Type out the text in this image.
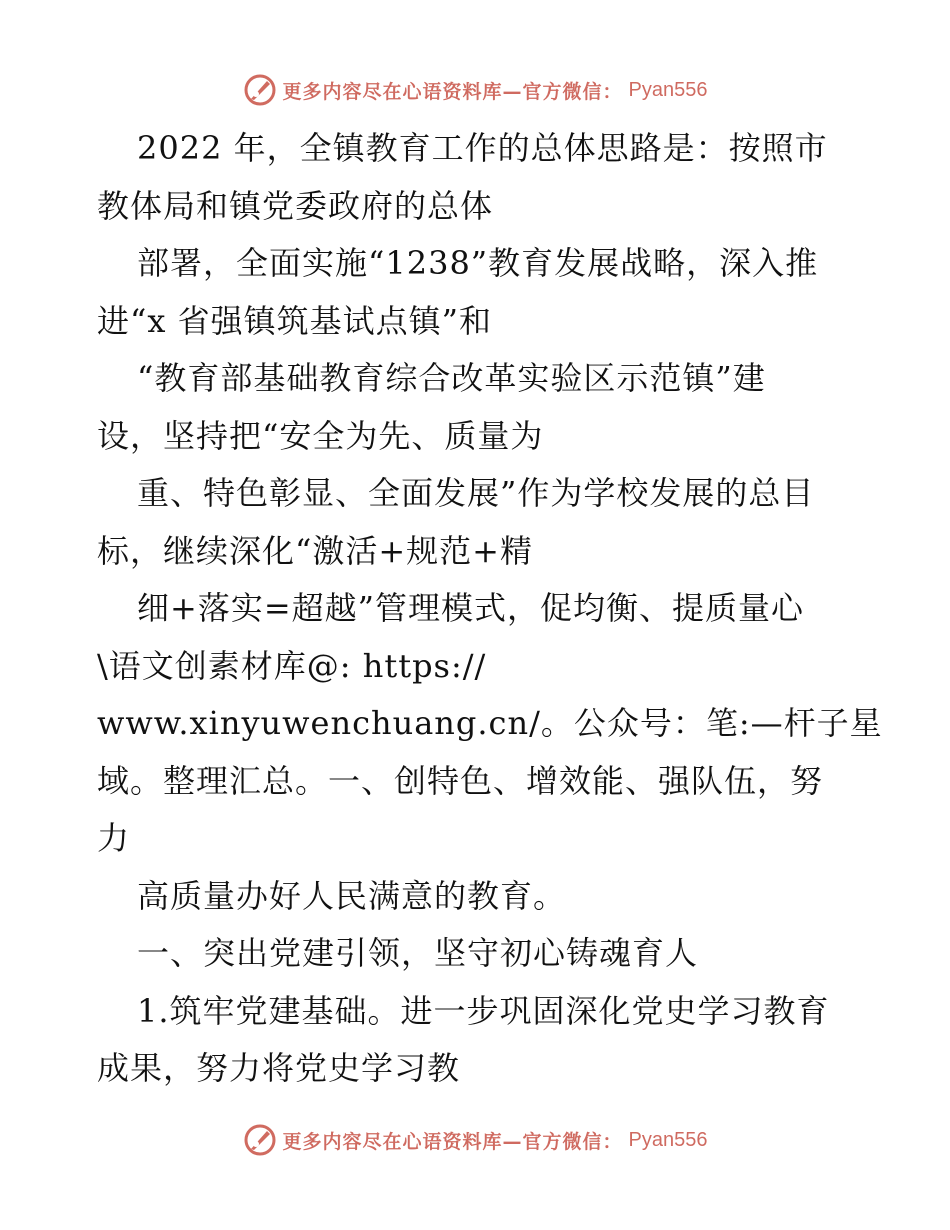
更多内容尽在心语资料库—官方微信： Pyan556

2022 年，全镇教育工作的总体思路是：按照市

教体局和镇党委政府的总体

部署，全面实施“1238”教育发展战略，深入推

进“x 省强镇筑基试点镇”和

“教育部基础教育综合改革实验区示范镇”建

设，坚持把“安全为先、质量为

重、特色彰显、全面发展”作为学校发展的总目

标，继续深化“激活+规范+精

细+落实=超越”管理模式，促均衡、提质量心

\语文创素材库@: https://

www.xinyuwenchuang.cn/。公众号：笔:—杆子星

域。整理汇总。一、创特色、增效能、强队伍，努

力

高质量办好人民满意的教育。

一、突出党建引领，坚守初心铸魂育人

1.筑牢党建基础。进一步巩固深化党史学习教育

成果，努力将党史学习教

更多内容尽在心语资料库—官方微信： Pyan556
